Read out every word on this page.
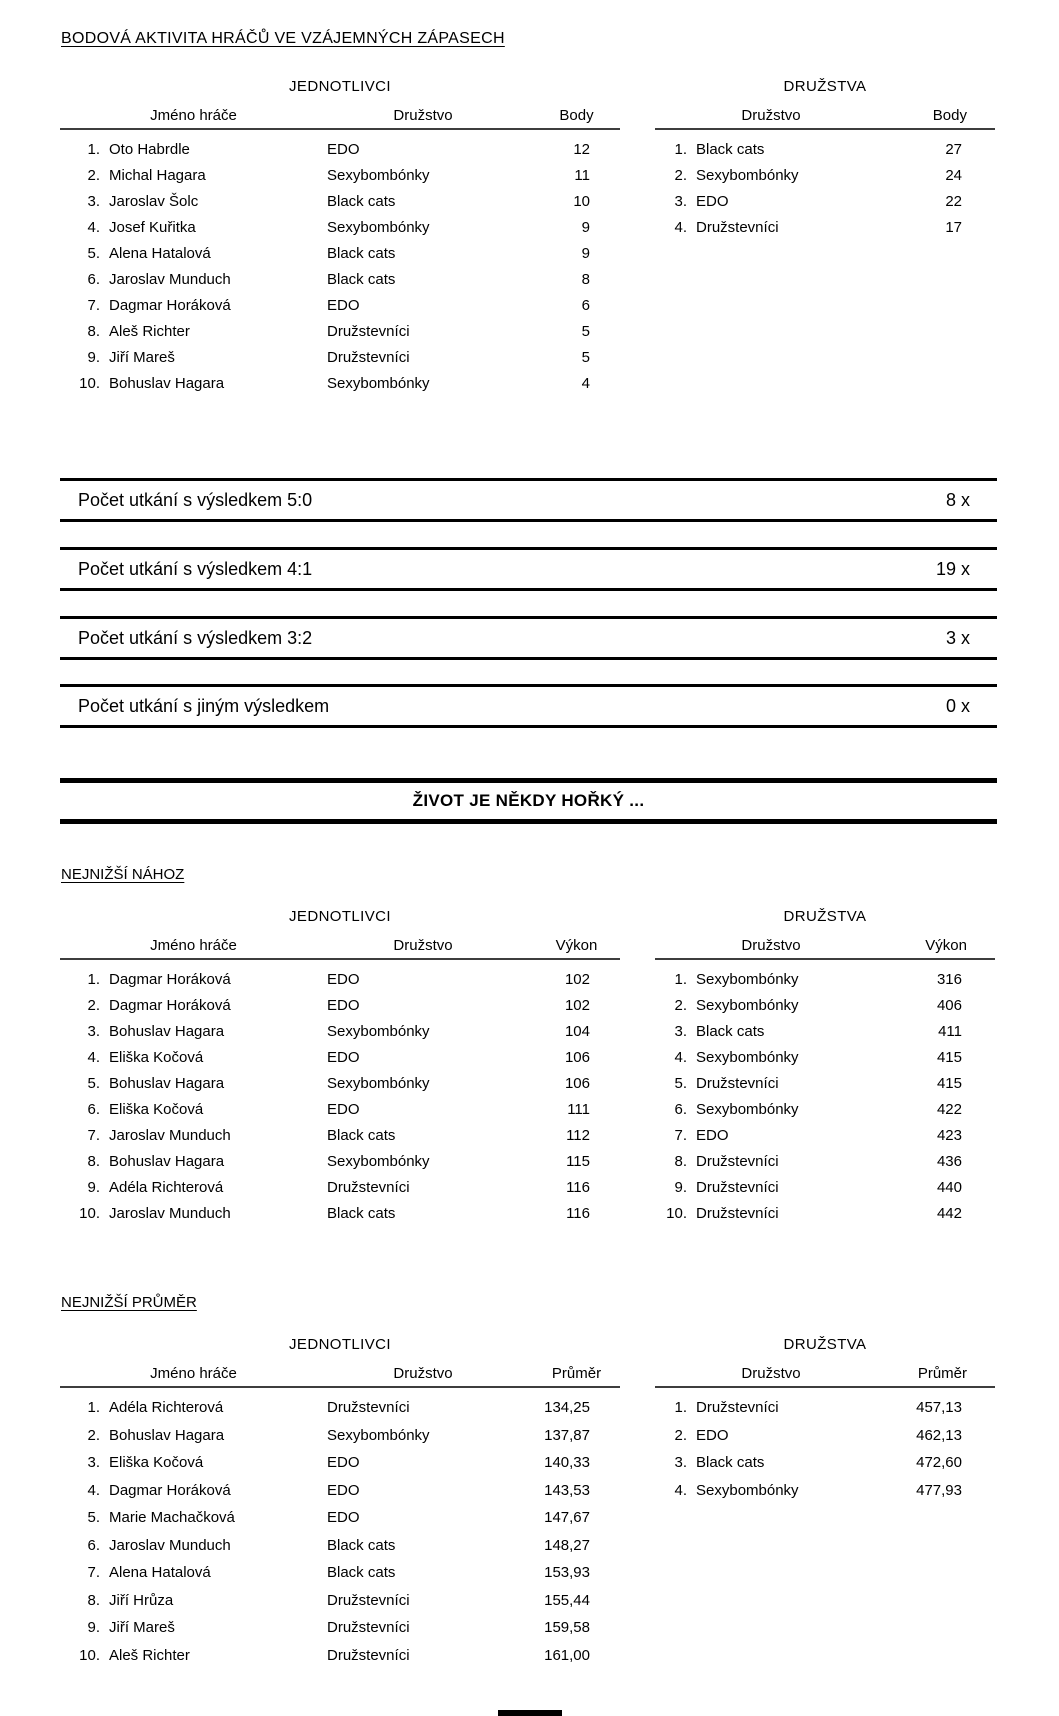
BODOVÁ AKTIVITA HRÁČŮ VE VZÁJEMNÝCH ZÁPASECH
JEDNOTLIVCI
Jméno hráče	Družstvo	Body
1. Oto Habrdle	EDO	12
2. Michal Hagara	Sexybombónky	11
3. Jaroslav Šolc	Black cats	10
4. Josef Kuřitka	Sexybombónky	9
5. Alena Hatalová	Black cats	9
6. Jaroslav Munduch	Black cats	8
7. Dagmar Horáková	EDO	6
8. Aleš Richter	Družstevníci	5
9. Jiří Mareš	Družstevníci	5
10. Bohuslav Hagara	Sexybombónky	4
DRUŽSTVA
Družstvo	Body
1. Black cats	27
2. Sexybombónky	24
3. EDO	22
4. Družstevníci	17
Počet utkání s výsledkem 5:0	8 x
Počet utkání s výsledkem 4:1	19 x
Počet utkání s výsledkem 3:2	3 x
Počet utkání s jiným výsledkem	0 x
ŽIVOT JE NĚKDY HOŘKÝ ...
NEJNIŽŠÍ NÁHOZ
JEDNOTLIVCI
Jméno hráče	Družstvo	Výkon
1. Dagmar Horáková	EDO	102
2. Dagmar Horáková	EDO	102
3. Bohuslav Hagara	Sexybombónky	104
4. Eliška Kočová	EDO	106
5. Bohuslav Hagara	Sexybombónky	106
6. Eliška Kočová	EDO	111
7. Jaroslav Munduch	Black cats	112
8. Bohuslav Hagara	Sexybombónky	115
9. Adéla Richterová	Družstevníci	116
10. Jaroslav Munduch	Black cats	116
DRUŽSTVA
Družstvo	Výkon
1. Sexybombónky	316
2. Sexybombónky	406
3. Black cats	411
4. Sexybombónky	415
5. Družstevníci	415
6. Sexybombónky	422
7. EDO	423
8. Družstevníci	436
9. Družstevníci	440
10. Družstevníci	442
NEJNIŽŠÍ PRŮMĚR
JEDNOTLIVCI
Jméno hráče	Družstvo	Průměr
1. Adéla Richterová	Družstevníci	134,25
2. Bohuslav Hagara	Sexybombónky	137,87
3. Eliška Kočová	EDO	140,33
4. Dagmar Horáková	EDO	143,53
5. Marie Machačková	EDO	147,67
6. Jaroslav Munduch	Black cats	148,27
7. Alena Hatalová	Black cats	153,93
8. Jiří Hrůza	Družstevníci	155,44
9. Jiří Mareš	Družstevníci	159,58
10. Aleš Richter	Družstevníci	161,00
DRUŽSTVA
Družstvo	Průměr
1. Družstevníci	457,13
2. EDO	462,13
3. Black cats	472,60
4. Sexybombónky	477,93
